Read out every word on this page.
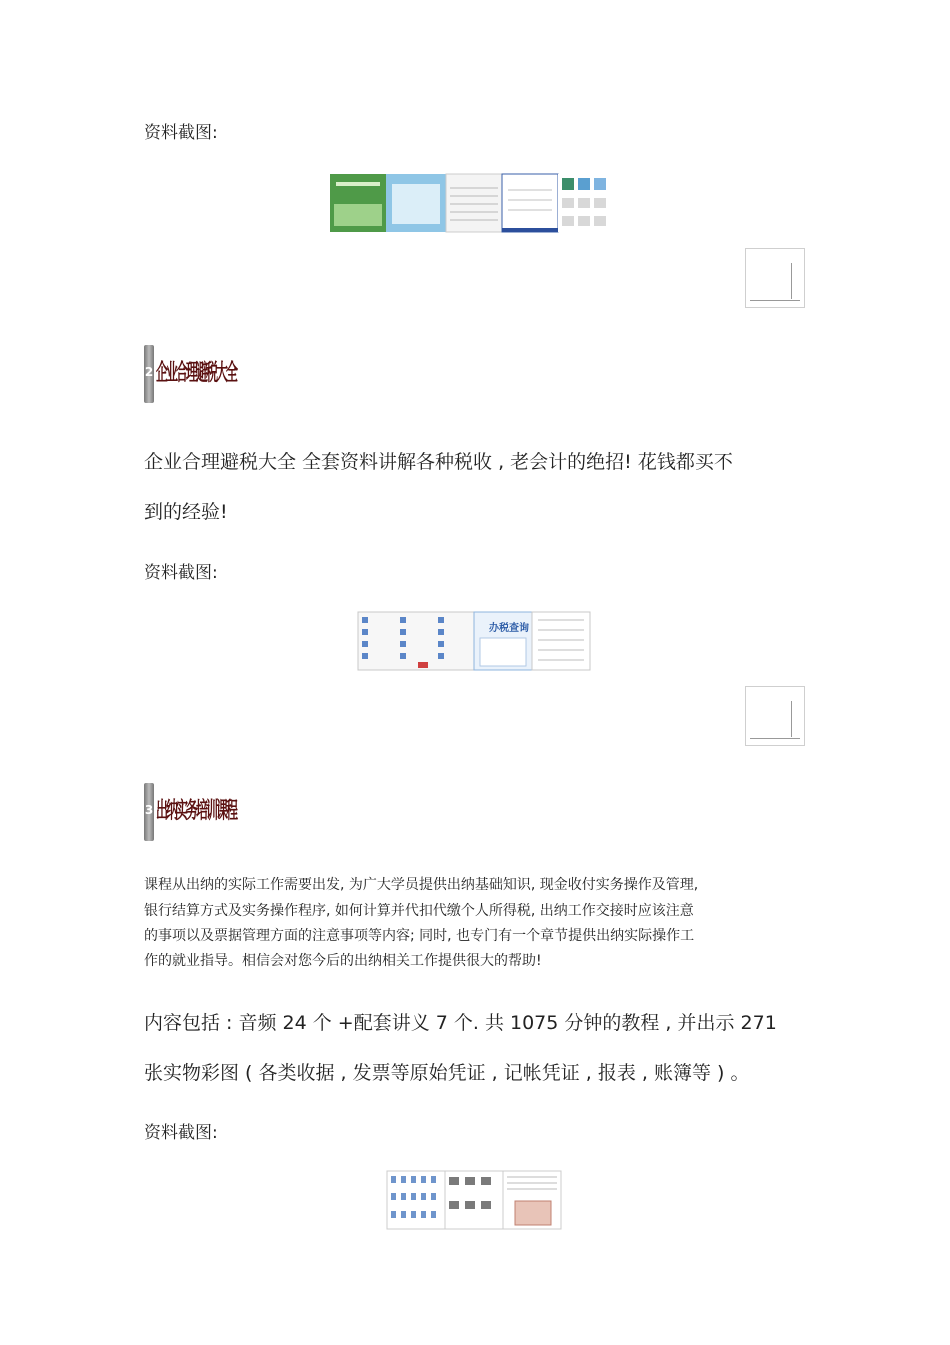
资料截图:
2 企业合理避税大全
企业合理避税大全 全套资料讲解各种税收 , 老会计的绝招! 花钱都买不
到的经验!
资料截图:
办税查询
3 出纳实务培训课程
课程从出纳的实际工作需要出发, 为广大学员提供出纳基础知识, 现金收付实务操作及管理,
银行结算方式及实务操作程序, 如何计算并代扣代缴个人所得税, 出纳工作交接时应该注意
的事项以及票据管理方面的注意事项等内容; 同时, 也专门有一个章节提供出纳实际操作工
作的就业指导。相信会对您今后的出纳相关工作提供很大的帮助!
内容包括 : 音频 24 个 +配套讲义 7 个. 共 1075 分钟的教程 , 并出示 271
张实物彩图 ( 各类收据 , 发票等原始凭证 , 记帐凭证 , 报表 , 账簿等 ) 。
资料截图:
